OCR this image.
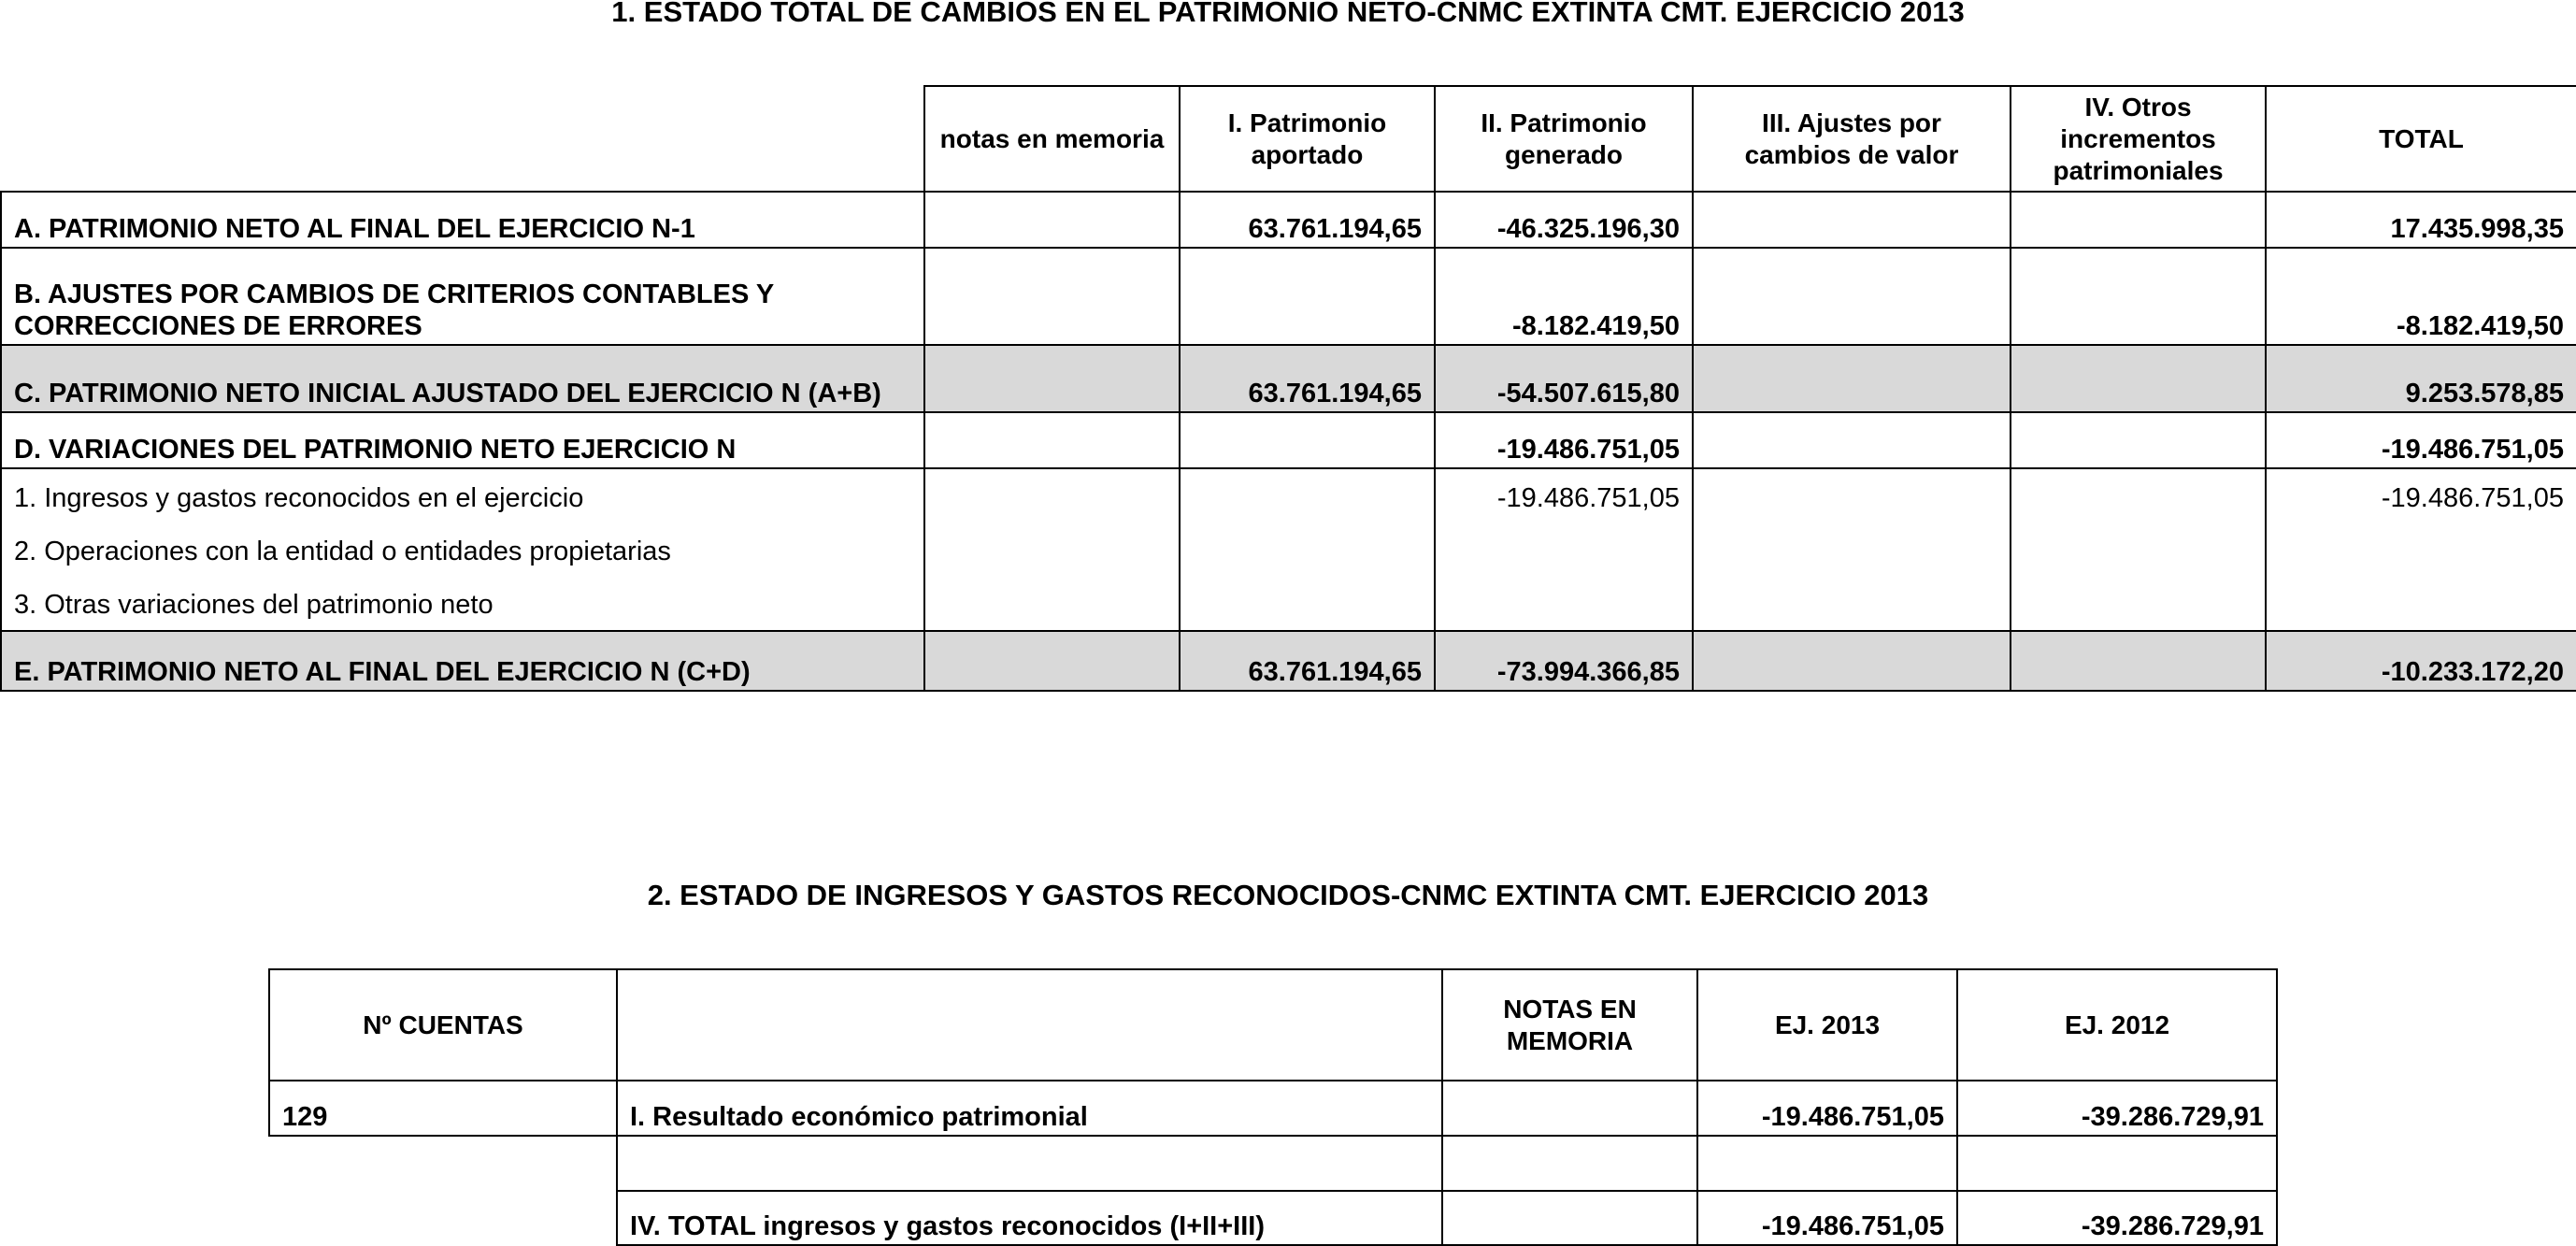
1. ESTADO TOTAL DE CAMBIOS EN EL PATRIMONIO NETO-CNMC EXTINTA CMT. EJERCICIO 2013
	notas en memoria	I. Patrimonio aportado	II. Patrimonio generado	III. Ajustes por cambios de valor	IV. Otros incrementos patrimoniales	TOTAL
A. PATRIMONIO NETO AL FINAL DEL EJERCICIO N-1		63.761.194,65	-46.325.196,30			17.435.998,35
B. AJUSTES POR CAMBIOS DE CRITERIOS CONTABLES Y CORRECCIONES DE ERRORES			-8.182.419,50			-8.182.419,50
C. PATRIMONIO NETO INICIAL AJUSTADO DEL EJERCICIO N (A+B)		63.761.194,65	-54.507.615,80			9.253.578,85
D. VARIACIONES DEL PATRIMONIO NETO EJERCICIO N			-19.486.751,05			-19.486.751,05
1. Ingresos y gastos reconocidos en el ejercicio			-19.486.751,05			-19.486.751,05
2. Operaciones con la entidad o entidades propietarias						
3. Otras variaciones del patrimonio neto						
E. PATRIMONIO NETO AL FINAL DEL EJERCICIO N (C+D)		63.761.194,65	-73.994.366,85			-10.233.172,20
2. ESTADO DE INGRESOS Y GASTOS RECONOCIDOS-CNMC EXTINTA CMT. EJERCICIO 2013
Nº CUENTAS		NOTAS EN MEMORIA	EJ. 2013	EJ. 2012
129	I. Resultado económico patrimonial		-19.486.751,05	-39.286.729,91

	IV. TOTAL ingresos y gastos reconocidos (I+II+III)		-19.486.751,05	-39.286.729,91
